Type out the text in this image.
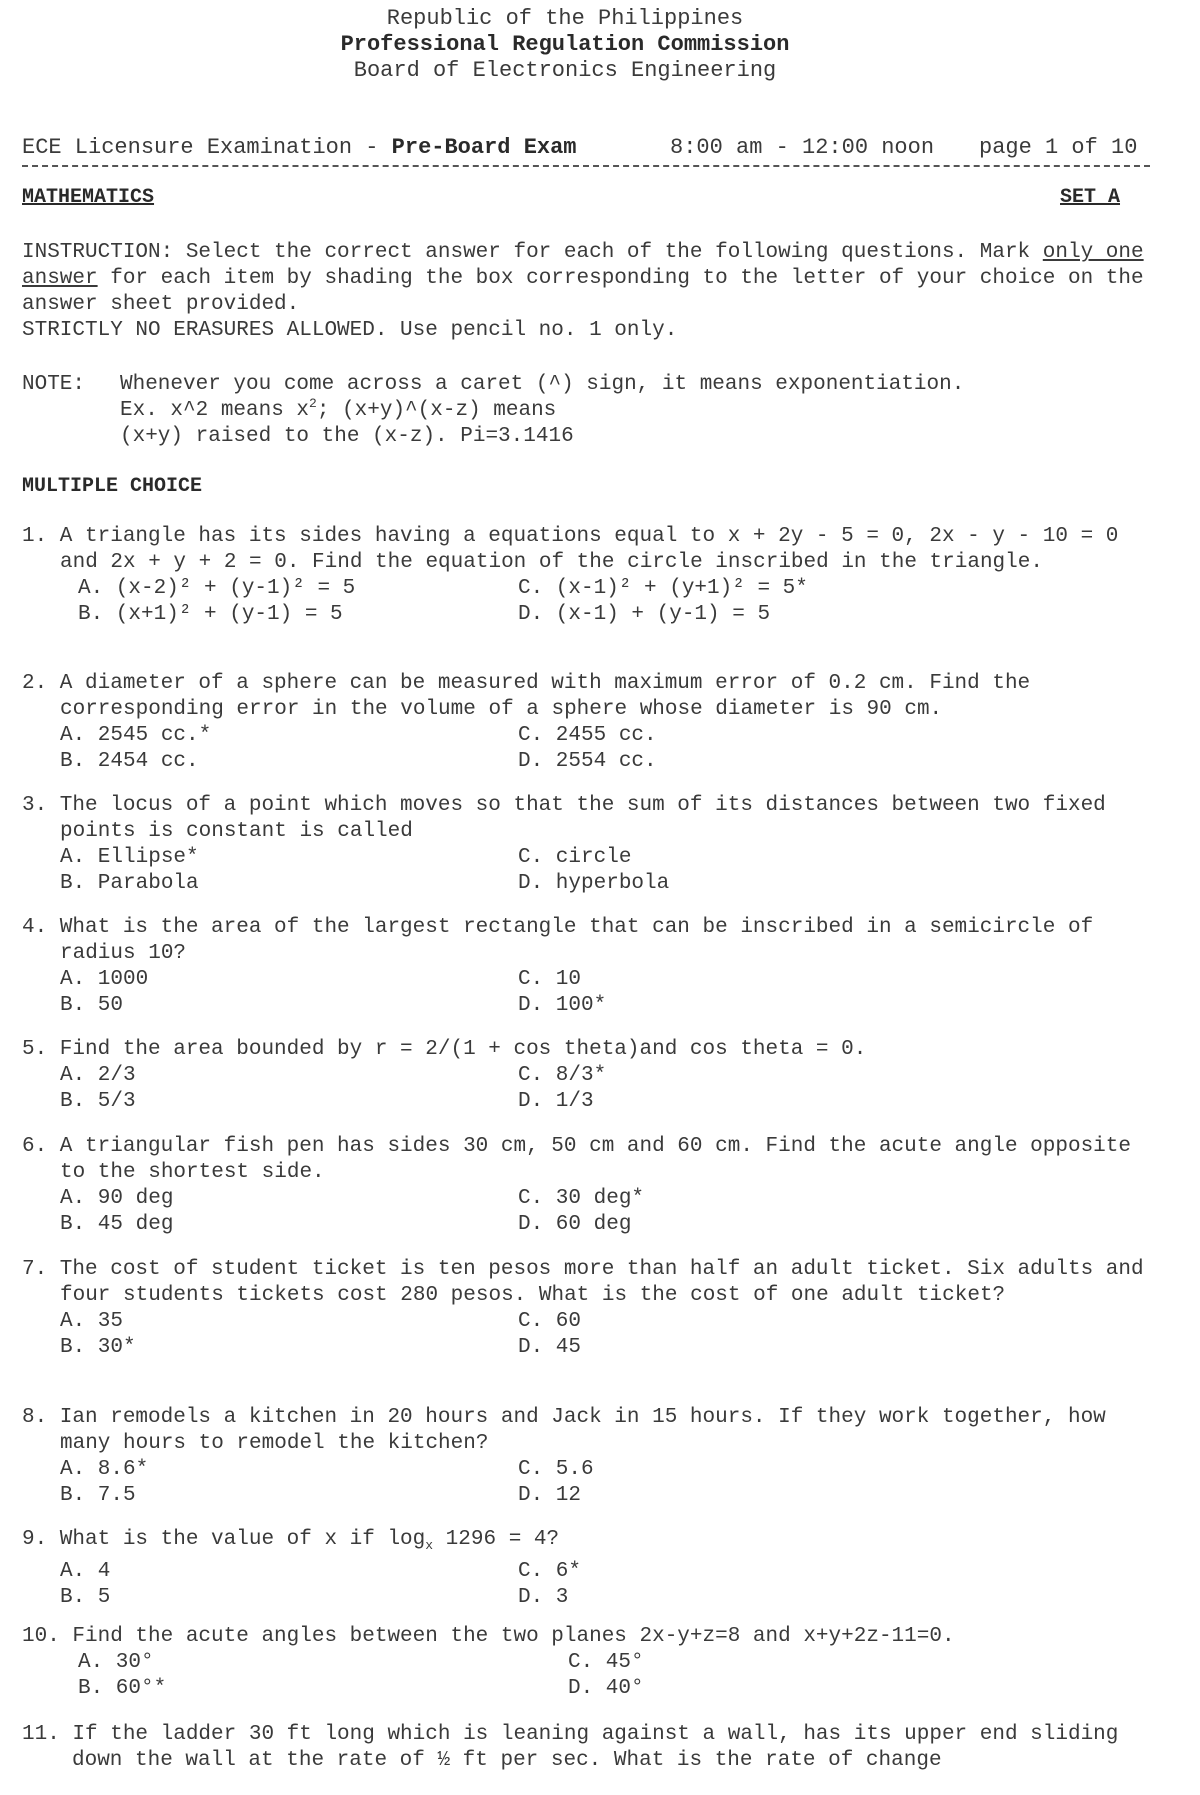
Republic of the Philippines
Professional Regulation Commission
Board of Electronics Engineering
ECE Licensure Examination - Pre-Board Exam	8:00 am - 12:00 noon page 1 of 10
MATHEMATICS	SET A
INSTRUCTION: Select the correct answer for each of the following questions. Mark only one answer for each item by shading the box corresponding to the letter of your choice on the answer sheet provided.
STRICTLY NO ERASURES ALLOWED. Use pencil no. 1 only.
NOTE: Whenever you come across a caret (^) sign, it means exponentiation.
Ex. x^2 means $x^2$; (x+y)^(x-z) means
(x+y) raised to the (x-z). Pi=3.1416
MULTIPLE CHOICE
1. A triangle has its sides having a equations equal to x + 2y - 5 = 0, 2x - y - 10 = 0 and 2x + y + 2 = 0. Find the equation of the circle inscribed in the triangle.
A. (x-2)² + (y-1)² = 5
B. (x+1)² + (y-1) = 5
C. (x-1)² + (y+1)² = 5*
D. (x-1) + (y-1) = 5
2. A diameter of a sphere can be measured with maximum error of 0.2 cm. Find the corresponding error in the volume of a sphere whose diameter is 90 cm.
A. 2545 cc.*
B. 2454 cc.
C. 2455 cc.
D. 2554 cc.
3. The locus of a point which moves so that the sum of its distances between two fixed points is constant is called
A. Ellipse*
B. Parabola
C. circle
D. hyperbola
4. What is the area of the largest rectangle that can be inscribed in a semicircle of radius 10?
A. 1000
B. 50
C. 10
D. 100*
5. Find the area bounded by r = 2/(1 + cos theta)and cos theta = 0.
A. 2/3
B. 5/3
C. 8/3*
D. 1/3
6. A triangular fish pen has sides 30 cm, 50 cm and 60 cm. Find the acute angle opposite to the shortest side.
A. 90 deg
B. 45 deg
C. 30 deg*
D. 60 deg
7. The cost of student ticket is ten pesos more than half an adult ticket. Six adults and four students tickets cost 280 pesos. What is the cost of one adult ticket?
A. 35
B. 30*
C. 60
D. 45
8. Ian remodels a kitchen in 20 hours and Jack in 15 hours. If they work together, how many hours to remodel the kitchen?
A. 8.6*
B. 7.5
C. 5.6
D. 12
9. What is the value of x if $\log_x 1296 = 4$?
A. 4
B. 5
C. 6*
D. 3
10. Find the acute angles between the two planes 2x-y+z=8 and x+y+2z-11=0.
A. 30°
B. 60°*
C. 45°
D. 40°
11. If the ladder 30 ft long which is leaning against a wall, has its upper end sliding down the wall at the rate of ½ ft per sec. What is the rate of change
